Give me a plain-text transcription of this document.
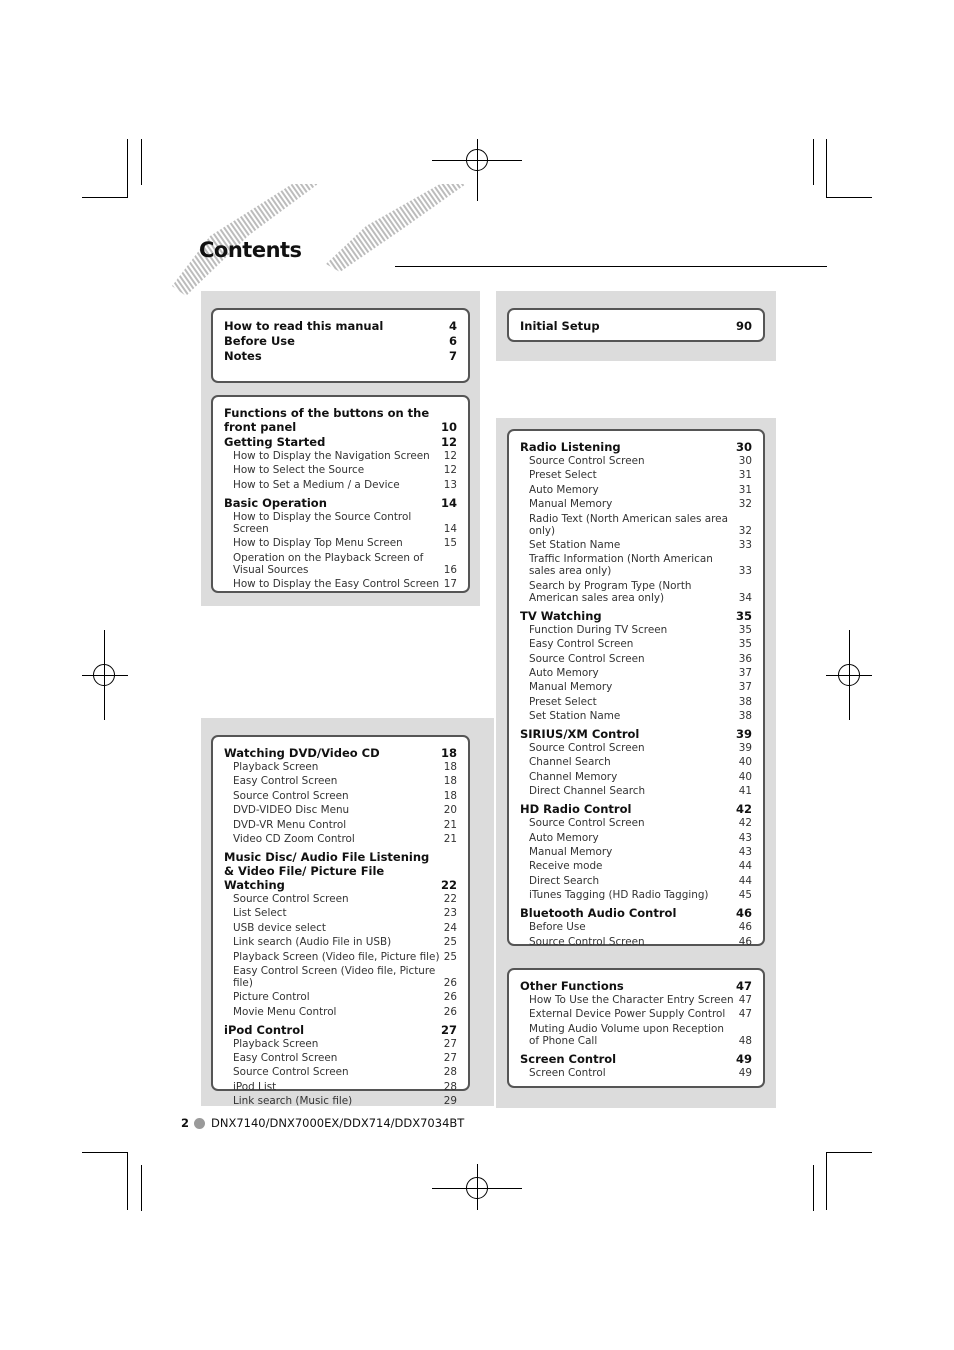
Contents
How to read this manual	4
Before Use	6
Notes	7
Functions of the buttons on the front panel	10
Getting Started	12
How to Display the Navigation Screen	12
How to Select the Source	12
How to Set a Medium / a Device	13
Basic Operation	14
How to Display the Source Control Screen	14
How to Display Top Menu Screen	15
Operation on the Playback Screen of Visual Sources	16
How to Display the Easy Control Screen 17
Watching DVD/Video CD	18
Playback Screen	18
Easy Control Screen	18
Source Control Screen	18
DVD-VIDEO Disc Menu	20
DVD-VR Menu Control	21
Video CD Zoom Control	21
Music Disc/ Audio File Listening & Video File/ Picture File Watching	22
Source Control Screen	22
List Select	23
USB device select	24
Link search (Audio File in USB)	25
Playback Screen (Video file, Picture file) 25
Easy Control Screen (Video file, Picture file)	26
Picture Control	26
Movie Menu Control	26
iPod Control	27
Playback Screen	27
Easy Control Screen	27
Source Control Screen	28
iPod List	28
Link search (Music file)	29
Initial Setup	90
Radio Listening	30
Source Control Screen	30
Preset Select	31
Auto Memory	31
Manual Memory	32
Radio Text (North American sales area only)	32
Set Station Name	33
Traffic Information (North American sales area only)	33
Search by Program Type (North American sales area only)	34
TV Watching	35
Function During TV Screen	35
Easy Control Screen	35
Source Control Screen	36
Auto Memory	37
Manual Memory	37
Preset Select	38
Set Station Name	38
SIRIUS/XM Control	39
Source Control Screen	39
Channel Search	40
Channel Memory	40
Direct Channel Search	41
HD Radio Control	42
Source Control Screen	42
Auto Memory	43
Manual Memory	43
Receive mode	44
Direct Search	44
iTunes Tagging (HD Radio Tagging)	45
Bluetooth Audio Control	46
Before Use	46
Source Control Screen	46
Other Functions	47
How To Use the Character Entry Screen 47
External Device Power Supply Control	47
Muting Audio Volume upon Reception of Phone Call	48
Screen Control	49
Screen Control	49
2 DNX7140/DNX7000EX/DDX714/DDX7034BT
